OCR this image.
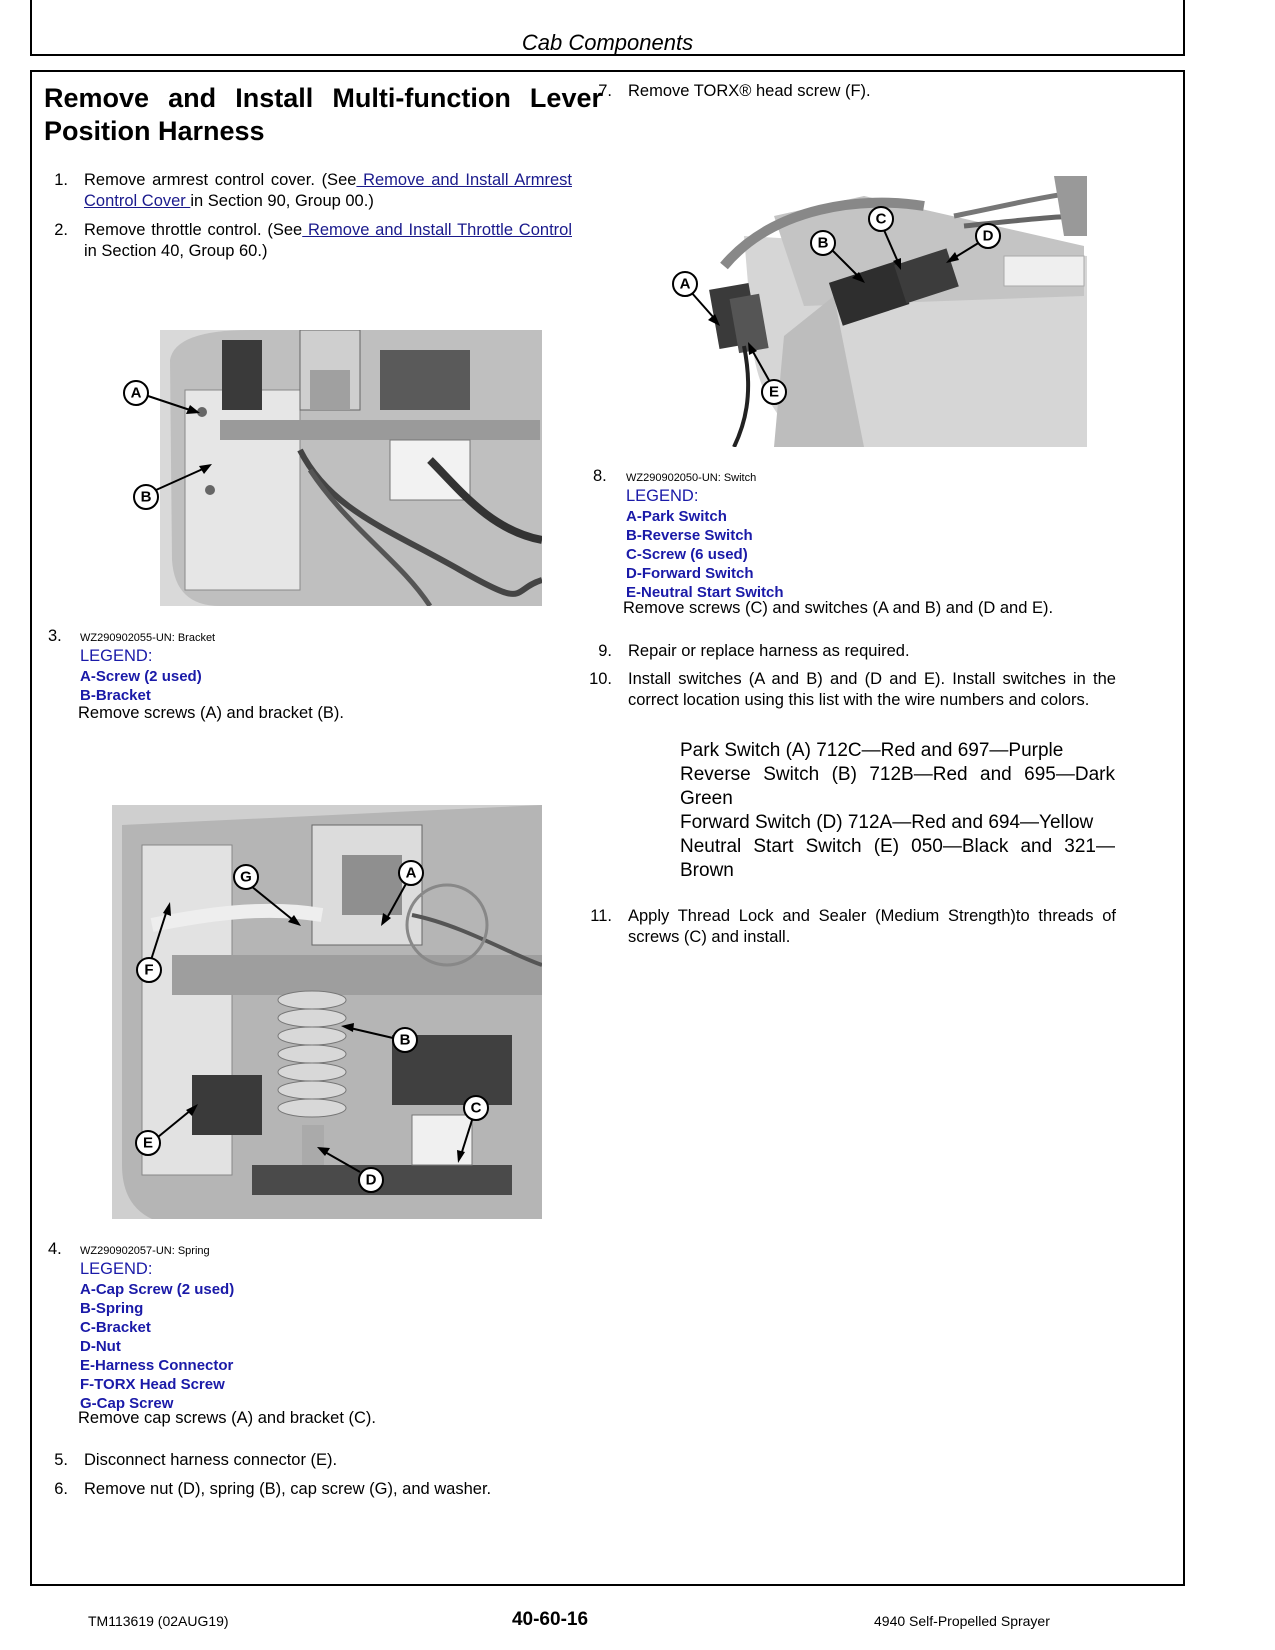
Cab Components
Remove and Install Multi-function Lever Position Harness
1. Remove armrest control cover. (See Remove and Install Armrest Control Cover in Section 90, Group 00.)
2. Remove throttle control. (See Remove and Install Throttle Control in Section 40, Group 60.)
A
B
3. WZ290902055-UN: Bracket
LEGEND:
A-Screw (2 used)
B-Bracket
Remove screws (A) and bracket (B).
G	A
F
B
C
E
D
4. WZ290902057-UN: Spring
LEGEND:
A-Cap Screw (2 used)
B-Spring
C-Bracket
D-Nut
E-Harness Connector
F-TORX Head Screw
G-Cap Screw
Remove cap screws (A) and bracket (C).
5. Disconnect harness connector (E).
6. Remove nut (D), spring (B), cap screw (G), and washer.
7. Remove TORX® head screw (F).
A
B
C
D
E
8. WZ290902050-UN: Switch
LEGEND:
A-Park Switch
B-Reverse Switch
C-Screw (6 used)
D-Forward Switch
E-Neutral Start Switch
Remove screws (C) and switches (A and B) and (D and E).
9. Repair or replace harness as required.
10. Install switches (A and B) and (D and E). Install switches in the correct location using this list with the wire numbers and colors.
Park Switch (A) 712C—Red and 697—Purple
Reverse Switch (B) 712B—Red and 695—Dark Green
Forward Switch (D) 712A—Red and 694—Yellow
Neutral Start Switch (E) 050—Black and 321—Brown
11. Apply Thread Lock and Sealer (Medium Strength)to threads of screws (C) and install.
TM113619 (02AUG19)	40-60-16	4940 Self-Propelled Sprayer
